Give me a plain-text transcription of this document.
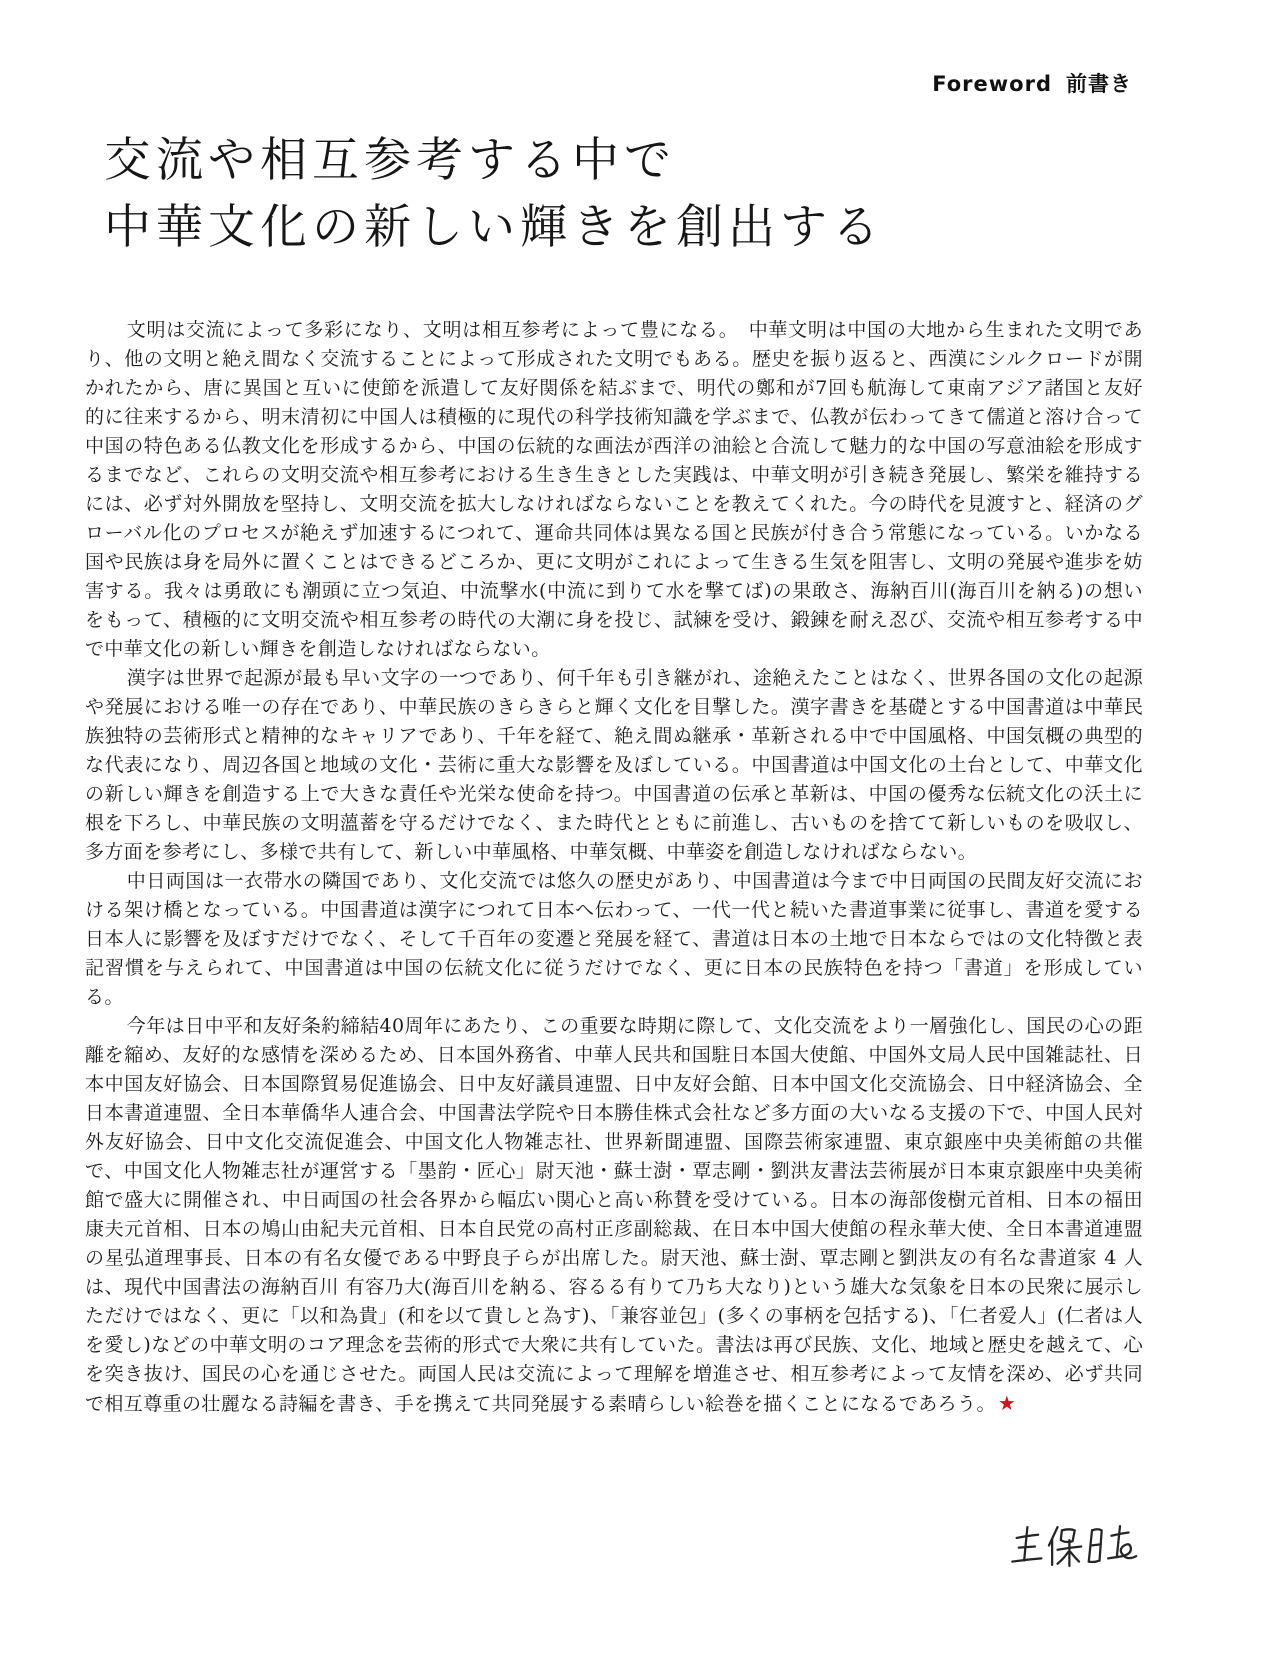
Foreword 前書き
交流や相互参考する中で
中華文化の新しい輝きを創出する

文明は交流によって多彩になり、文明は相互参考によって豊になる。　中華文明は中国の大地から生まれた文明であり、他の文明と絶え間なく交流することによって形成された文明でもある。歴史を振り返ると、西漢にシルクロードが開かれたから、唐に異国と互いに使節を派遣して友好関係を結ぶまで、明代の鄭和が7回も航海して東南アジア諸国と友好的に往来するから、明末清初に中国人は積極的に現代の科学技術知識を学ぶまで、仏教が伝わってきて儒道と溶け合って中国の特色ある仏教文化を形成するから、中国の伝統的な画法が西洋の油絵と合流して魅力的な中国の写意油絵を形成するまでなど、これらの文明交流や相互参考における生き生きとした実践は、中華文明が引き続き発展し、繁栄を維持するには、必ず対外開放を堅持し、文明交流を拡大しなければならないことを教えてくれた。今の時代を見渡すと、経済のグローバル化のプロセスが絶えず加速するにつれて、運命共同体は異なる国と民族が付き合う常態になっている。いかなる国や民族は身を局外に置くことはできるどころか、更に文明がこれによって生きる生気を阻害し、文明の発展や進歩を妨害する。我々は勇敢にも潮頭に立つ気迫、中流撃水(中流に到りて水を撃てば)の果敢さ、海納百川(海百川を納る)の想いをもって、積極的に文明交流や相互参考の時代の大潮に身を投じ、試練を受け、鍛錬を耐え忍び、交流や相互参考する中で中華文化の新しい輝きを創造しなければならない。

漢字は世界で起源が最も早い文字の一つであり、何千年も引き継がれ、途絶えたことはなく、世界各国の文化の起源や発展における唯一の存在であり、中華民族のきらきらと輝く文化を目撃した。漢字書きを基礎とする中国書道は中華民族独特の芸術形式と精神的なキャリアであり、千年を経て、絶え間ぬ継承・革新される中で中国風格、中国気概の典型的な代表になり、周辺各国と地域の文化・芸術に重大な影響を及ぼしている。中国書道は中国文化の土台として、中華文化の新しい輝きを創造する上で大きな責任や光栄な使命を持つ。中国書道の伝承と革新は、中国の優秀な伝統文化の沃土に根を下ろし、中華民族の文明薀蓄を守るだけでなく、また時代とともに前進し、古いものを捨てて新しいものを吸収し、多方面を参考にし、多様で共有して、新しい中華風格、中華気概、中華姿を創造しなければならない。

中日両国は一衣帯水の隣国であり、文化交流では悠久の歴史があり、中国書道は今まで中日両国の民間友好交流における架け橋となっている。中国書道は漢字につれて日本へ伝わって、一代一代と続いた書道事業に従事し、書道を愛する日本人に影響を及ぼすだけでなく、そして千百年の変遷と発展を経て、書道は日本の土地で日本ならではの文化特徴と表記習慣を与えられて、中国書道は中国の伝統文化に従うだけでなく、更に日本の民族特色を持つ「書道」を形成している。

今年は日中平和友好条約締結40周年にあたり、この重要な時期に際して、文化交流をより一層強化し、国民の心の距離を縮め、友好的な感情を深めるため、日本国外務省、中華人民共和国駐日本国大使館、中国外文局人民中国雑誌社、日本中国友好協会、日本国際貿易促進協会、日中友好議員連盟、日中友好会館、日本中国文化交流協会、日中経済協会、全日本書道連盟、全日本華僑华人連合会、中国書法学院や日本勝佳株式会社など多方面の大いなる支援の下で、中国人民対外友好協会、日中文化交流促進会、中国文化人物雑志社、世界新聞連盟、国際芸術家連盟、東京銀座中央美術館の共催で、中国文化人物雑志社が運営する「墨韵・匠心」尉天池・蘇士澍・覃志剛・劉洪友書法芸術展が日本東京銀座中央美術館で盛大に開催され、中日両国の社会各界から幅広い関心と高い称賛を受けている。日本の海部俊樹元首相、日本の福田康夫元首相、日本の鳩山由紀夫元首相、日本自民党の高村正彦副総裁、在日本中国大使館の程永華大使、全日本書道連盟の星弘道理事長、日本の有名女優である中野良子らが出席した。尉天池、蘇士澍、覃志剛と劉洪友の有名な書道家 4 人は、現代中国書法の海納百川 有容乃大(海百川を納る、容るる有りて乃ち大なり)という雄大な気象を日本の民衆に展示しただけではなく、更に「以和為貴」(和を以て貴しと為す)、「兼容並包」(多くの事柄を包括する)、「仁者爱人」(仁者は人を愛し)などの中華文明のコア理念を芸術的形式で大衆に共有していた。書法は再び民族、文化、地域と歴史を越えて、心を突き抜け、国民の心を通じさせた。両国人民は交流によって理解を増進させ、相互参考によって友情を深め、必ず共同で相互尊重の壮麗なる詩編を書き、手を携えて共同発展する素晴らしい絵巻を描くことになるであろう。 ★
